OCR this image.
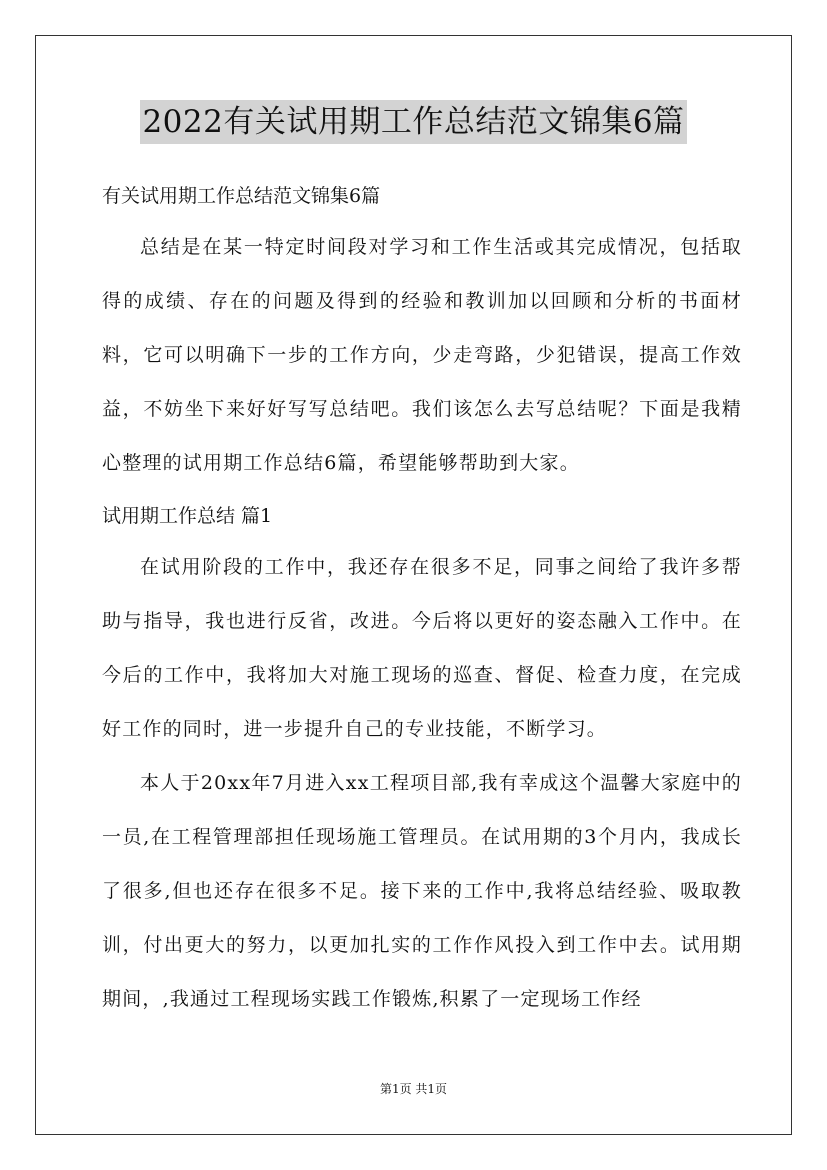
2022有关试用期工作总结范文锦集6篇

有关试用期工作总结范文锦集6篇

总结是在某一特定时间段对学习和工作生活或其完成情况，包括取得的成绩、存在的问题及得到的经验和教训加以回顾和分析的书面材料，它可以明确下一步的工作方向，少走弯路，少犯错误，提高工作效益，不妨坐下来好好写写总结吧。我们该怎么去写总结呢？下面是我精心整理的试用期工作总结6篇，希望能够帮助到大家。

试用期工作总结 篇1

在试用阶段的工作中，我还存在很多不足，同事之间给了我许多帮助与指导，我也进行反省，改进。今后将以更好的姿态融入工作中。在今后的工作中，我将加大对施工现场的巡查、督促、检查力度，在完成好工作的同时，进一步提升自己的专业技能，不断学习。

本人于20xx年7月进入xx工程项目部,我有幸成这个温馨大家庭中的一员,在工程管理部担任现场施工管理员。在试用期的3个月内，我成长了很多,但也还存在很多不足。接下来的工作中,我将总结经验、吸取教训，付出更大的努力，以更加扎实的工作作风投入到工作中去。试用期期间，,我通过工程现场实践工作锻炼,积累了一定现场工作经

第1页 共1页
